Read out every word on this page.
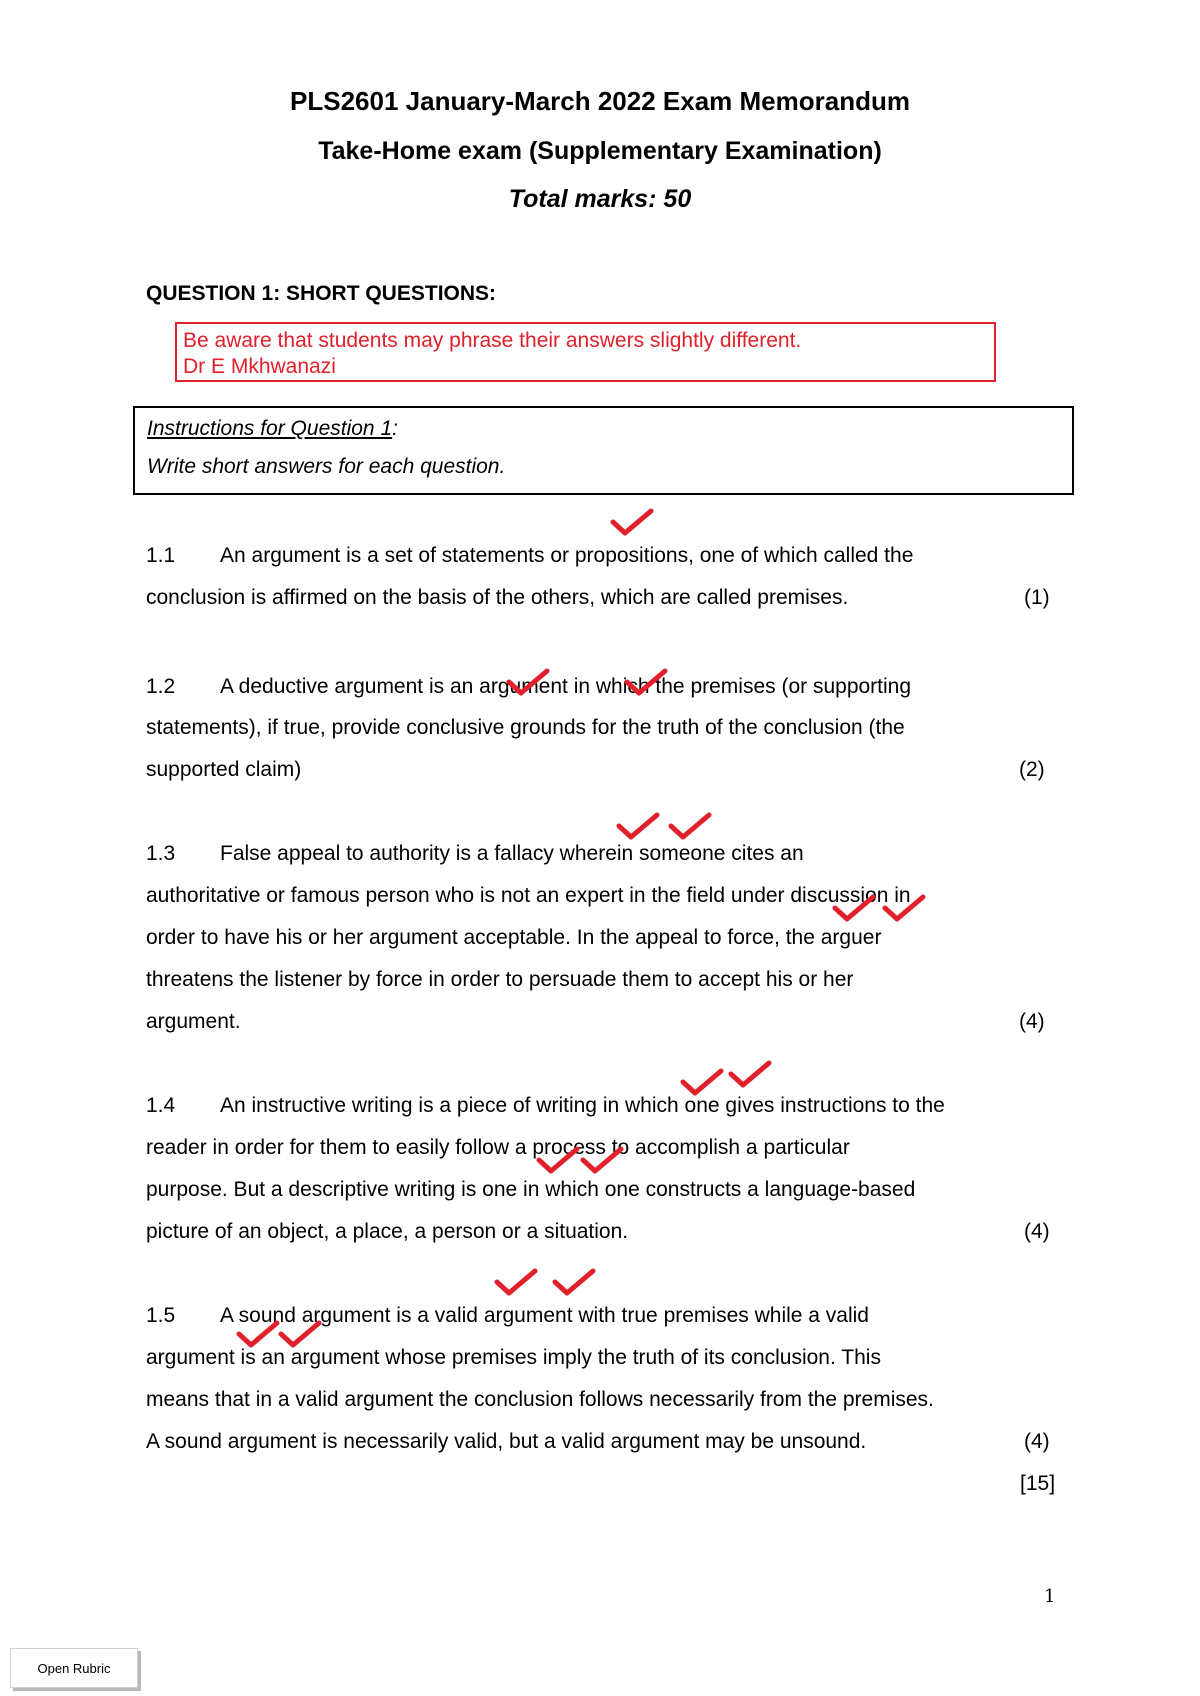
PLS2601 January-March 2022 Exam Memorandum
Take-Home exam (Supplementary Examination)
Total marks: 50
QUESTION 1: SHORT QUESTIONS:
Be aware that students may phrase their answers slightly different.
Dr E Mkhwanazi
Instructions for Question 1:
Write short answers for each question.
1.1 An argument is a set of statements or propositions, one of which called the
conclusion is affirmed on the basis of the others, which are called premises.	(1)
1.2 A deductive argument is an argument in which the premises (or supporting
statements), if true, provide conclusive grounds for the truth of the conclusion (the
supported claim)	(2)
1.3 False appeal to authority is a fallacy wherein someone cites an
authoritative or famous person who is not an expert in the field under discussion in
order to have his or her argument acceptable. In the appeal to force, the arguer
threatens the listener by force in order to persuade them to accept his or her
argument.	(4)
1.4 An instructive writing is a piece of writing in which one gives instructions to the
reader in order for them to easily follow a process to accomplish a particular
purpose. But a descriptive writing is one in which one constructs a language-based
picture of an object, a place, a person or a situation.	(4)
1.5 A sound argument is a valid argument with true premises while a valid
argument is an argument whose premises imply the truth of its conclusion. This
means that in a valid argument the conclusion follows necessarily from the premises.
A sound argument is necessarily valid, but a valid argument may be unsound.	(4)
[15]
1
Open Rubric
